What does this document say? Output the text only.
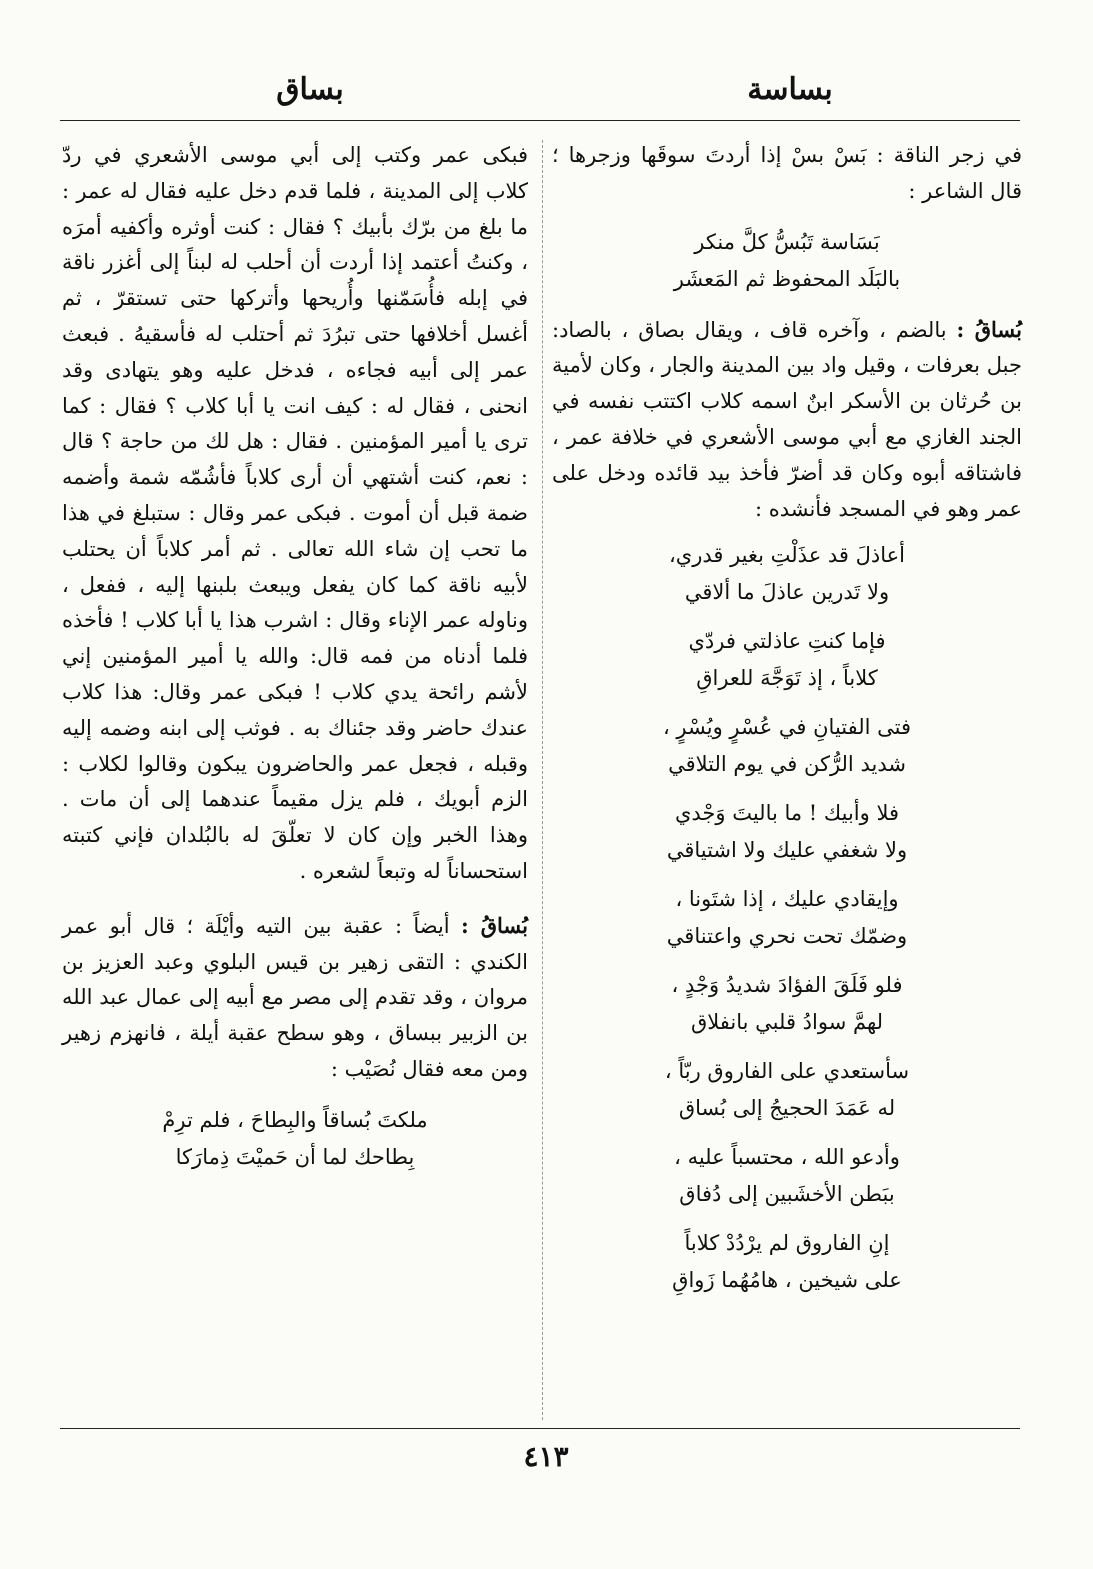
بساسة
بساق

في زجر الناقة : بَسْ بسْ إذا أردتَ سوقَها وزجرها ؛ قال الشاعر :

بَسَاسة تَبُسُّ كلَّ منكر
بالبَلَد المحفوظ ثم المَعشَر

بُساقُ : بالضم ، وآخره قاف ، ويقال بصاق ، بالصاد: جبل بعرفات ، وقيل واد بين المدينة والجار ، وكان لأمية بن حُرثان بن الأسكر ابنٌ اسمه كلاب اكتتب نفسه في الجند الغازي مع أبي موسى الأشعري في خلافة عمر ، فاشتاقه أبوه وكان قد أضرّ فأخذ بيد قائده ودخل على عمر وهو في المسجد فأنشده :

أعاذلَ قد عذَلْتِ بغير قدري،
ولا تَدرين عاذلَ ما ألاقي
فإما كنتِ عاذلتي فردّي
كلاباً ، إذ تَوَجَّهَ للعراقِ
فتى الفتيانِ في عُسْرٍ ويُسْرٍ ،
شديد الرُّكن في يوم التلاقي
فلا وأبيك ! ما باليتَ وَجْدي
ولا شغفي عليك ولا اشتياقي
وإيقادي عليك ، إذا شتَونا ،
وضمّك تحت نحري واعتناقي
فلو فَلَقَ الفؤادَ شديدُ وَجْدٍ ،
لهمَّ سوادُ قلبي بانفلاق
سأستعدي على الفاروق ربّاً ،
له عَمَدَ الحجيجُ إلى بُساق
وأدعو الله ، محتسباً عليه ،
ببَطن الأخشَبين إلى دُفاق
إنِ الفاروق لم يرْدُدْ كلاباً
على شيخين ، هامُهُما زَواقِ

فبكى عمر وكتب إلى أبي موسى الأشعري في ردّ كلاب إلى المدينة ، فلما قدم دخل عليه فقال له عمر : ما بلغ من برّك بأبيك ؟ فقال : كنت أوثره وأكفيه أمرَه ، وكنتُ أعتمد إذا أردت أن أحلب له لبناً إلى أغزر ناقة في إبله فأُسَمّنها وأُريحها وأتركها حتى تستقرّ ، ثم أغسل أخلافها حتى تبرُدَ ثم أحتلب له فأسقيهُ . فبعث عمر إلى أبيه فجاءه ، فدخل عليه وهو يتهادى وقد انحنى ، فقال له : كيف انت يا أبا كلاب ؟ فقال : كما ترى يا أمير المؤمنين . فقال : هل لك من حاجة ؟ قال : نعم، كنت أشتهي أن أرى كلاباً فأشُمّه شمة وأضمه ضمة قبل أن أموت . فبكى عمر وقال : ستبلغ في هذا ما تحب إن شاء الله تعالى . ثم أمر كلاباً أن يحتلب لأبيه ناقة كما كان يفعل ويبعث بلبنها إليه ، ففعل ، وناوله عمر الإناء وقال : اشرب هذا يا أبا كلاب ! فأخذه فلما أدناه من فمه قال: والله يا أمير المؤمنين إني لأشم رائحة يدي كلاب ! فبكى عمر وقال: هذا كلاب عندك حاضر وقد جئناك به . فوثب إلى ابنه وضمه إليه وقبله ، فجعل عمر والحاضرون يبكون وقالوا لكلاب : الزم أبويك ، فلم يزل مقيماً عندهما إلى أن مات . وهذا الخبر وإن كان لا تعلّقَ له بالبُلدان فإني كتبته استحساناً له وتبعاً لشعره .

بُساقُ : أيضاً : عقبة بين التيه وأيْلَة ؛ قال أبو عمر الكندي : التقى زهير بن قيس البلوي وعبد العزيز بن مروان ، وقد تقدم إلى مصر مع أبيه إلى عمال عبد الله بن الزبير ببساق ، وهو سطح عقبة أيلة ، فانهزم زهير ومن معه فقال نُصَيْب :

ملكتَ بُساقاً والبِطاحَ ، فلم ترِمْ
بِطاحك لما أن حَميْتَ ذِمارَكا
٤١٣
